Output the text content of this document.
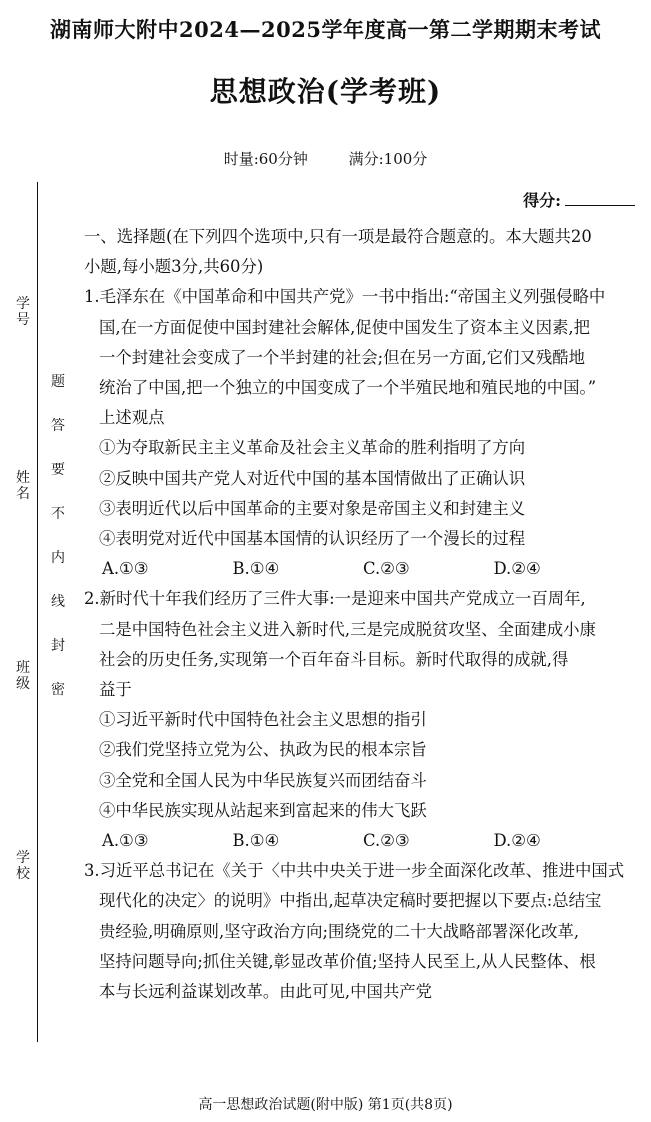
湖南师大附中2024—2025学年度高一第二学期期末考试
思想政治(学考班)
时量:60分钟	满分:100分
得分:
学号
姓名
班级
学校
题
答
要
不
内
线
封
密

一、选择题(在下列四个选项中,只有一项是最符合题意的。本大题共20

小题,每小题3分,共60分)

1.毛泽东在《中国革命和中国共产党》一书中指出:“帝国主义列强侵略中

国,在一方面促使中国封建社会解体,促使中国发生了资本主义因素,把

一个封建社会变成了一个半封建的社会;但在另一方面,它们又残酷地

统治了中国,把一个独立的中国变成了一个半殖民地和殖民地的中国。”

上述观点

①为夺取新民主主义革命及社会主义革命的胜利指明了方向

②反映中国共产党人对近代中国的基本国情做出了正确认识

③表明近代以后中国革命的主要对象是帝国主义和封建主义

④表明党对近代中国基本国情的认识经历了一个漫长的过程

A.①③	B.①④	C.②③	D.②④

2.新时代十年我们经历了三件大事:一是迎来中国共产党成立一百周年,

二是中国特色社会主义进入新时代,三是完成脱贫攻坚、全面建成小康

社会的历史任务,实现第一个百年奋斗目标。新时代取得的成就,得

益于

①习近平新时代中国特色社会主义思想的指引

②我们党坚持立党为公、执政为民的根本宗旨

③全党和全国人民为中华民族复兴而团结奋斗

④中华民族实现从站起来到富起来的伟大飞跃

A.①③	B.①④	C.②③	D.②④

3.习近平总书记在《关于〈中共中央关于进一步全面深化改革、推进中国式

现代化的决定〉的说明》中指出,起草决定稿时要把握以下要点:总结宝

贵经验,明确原则,坚守政治方向;围绕党的二十大战略部署深化改革,

坚持问题导向;抓住关键,彰显改革价值;坚持人民至上,从人民整体、根

本与长远利益谋划改革。由此可见,中国共产党

高一思想政治试题(附中版) 第1页(共8页)
